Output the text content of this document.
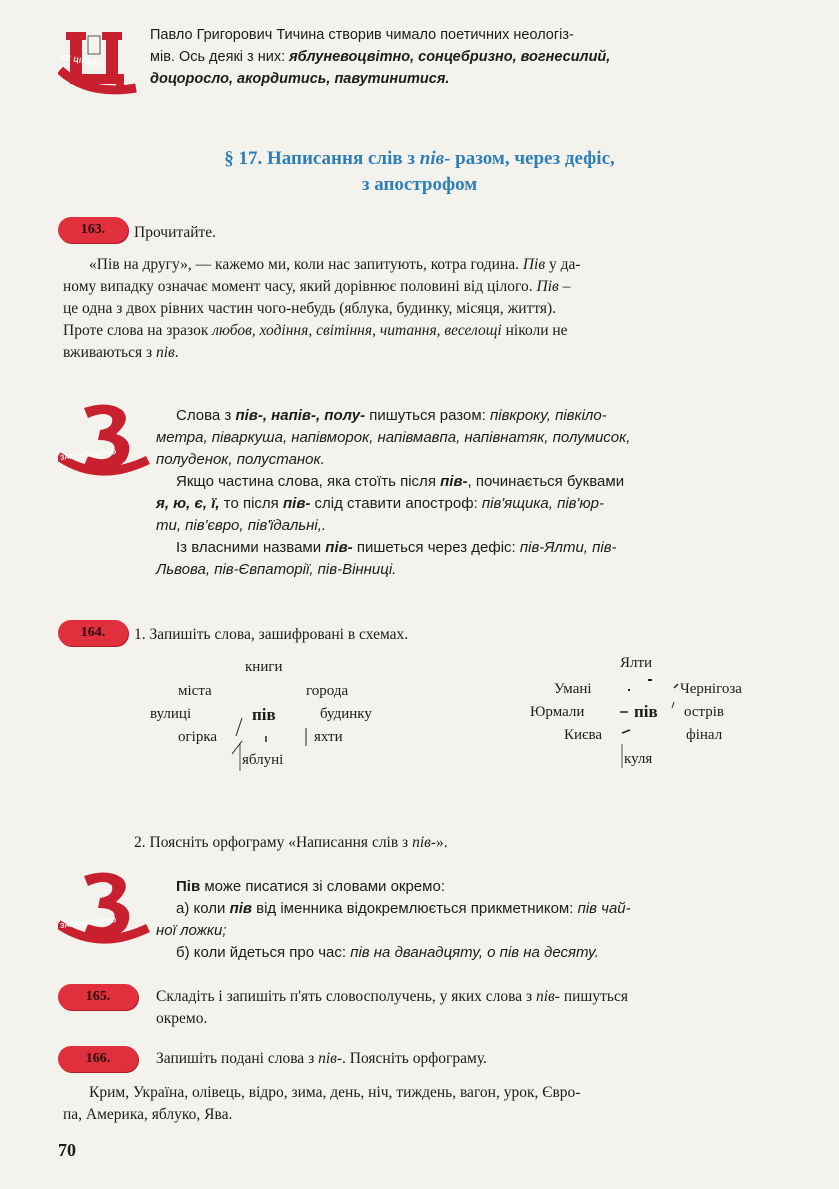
ЦЕ ЦІКАВО

Павло Григорович Тичина створив чимало поетичних неологіз-

мів. Ось деякі з них: яблуневоцвітно, сонцебризно, вогнесилий,

доцоросло, акордитись, павутинитися.

§ 17. Написання слів з пів- разом, через дефіс,
з апострофом
163.	Прочитайте.

«Пів на другу», — кажемо ми, коли нас запитують, котра година. Пів у да-

ному випадку означає момент часу, який дорівнює половині від цілого. Пів –

це одна з двох рівних частин чого-небудь (яблука, будинку, місяця, життя).

Проте слова на зразок любов, ходіння, світіння, читання, веселощі ніколи не

вживаються з пів.

ЗАПАМ'ЯТАЙНО

Слова з пів-, напів-, полу- пишуться разом: півкроку, півкіло-

метра, піваркуша, напівморок, напівмавпа, напівнатяк, полумисок,

полуденок, полустанок.

Якщо частина слова, яка стоїть після пів-, починається буквами

я, ю, є, ї, то після пів- слід ставити апостроф: пів'ящика, пів'юр-

ти, пів'євро, пів'їдальні,.

Із власними назвами пів- пишеться через дефіс: пів-Ялти, пів-

Львова, пів-Євпаторії, пів-Вінниці.

164.	1. Запишіть слова, зашифровані в схемах.
книги
міста	города
вулиці	пів	будинку
огірка	яхти
яблуні
Ялти
Умані	Чернігоза
Юрмали	пів острів
Києва	фінал
куля
2. Поясніть орфограму «Написання слів з пів-».
ЗАПАМ'ЯТАЙНО

Пів може писатися зі словами окремо:

а) коли пів від іменника відокремлюється прикметником: пів чай-

ної ложки;

б) коли йдеться про час: пів на дванадцяту, о пів на десяту.

165.	Складіть і запишіть п'ять словосполучень, у яких слова з пів- пишуться

окремо.

166.	Запишіть подані слова з пів-. Поясніть орфограму.

Крим, Україна, олівець, відро, зима, день, ніч, тиждень, вагон, урок, Євро-

па, Америка, яблуко, Ява.

70
